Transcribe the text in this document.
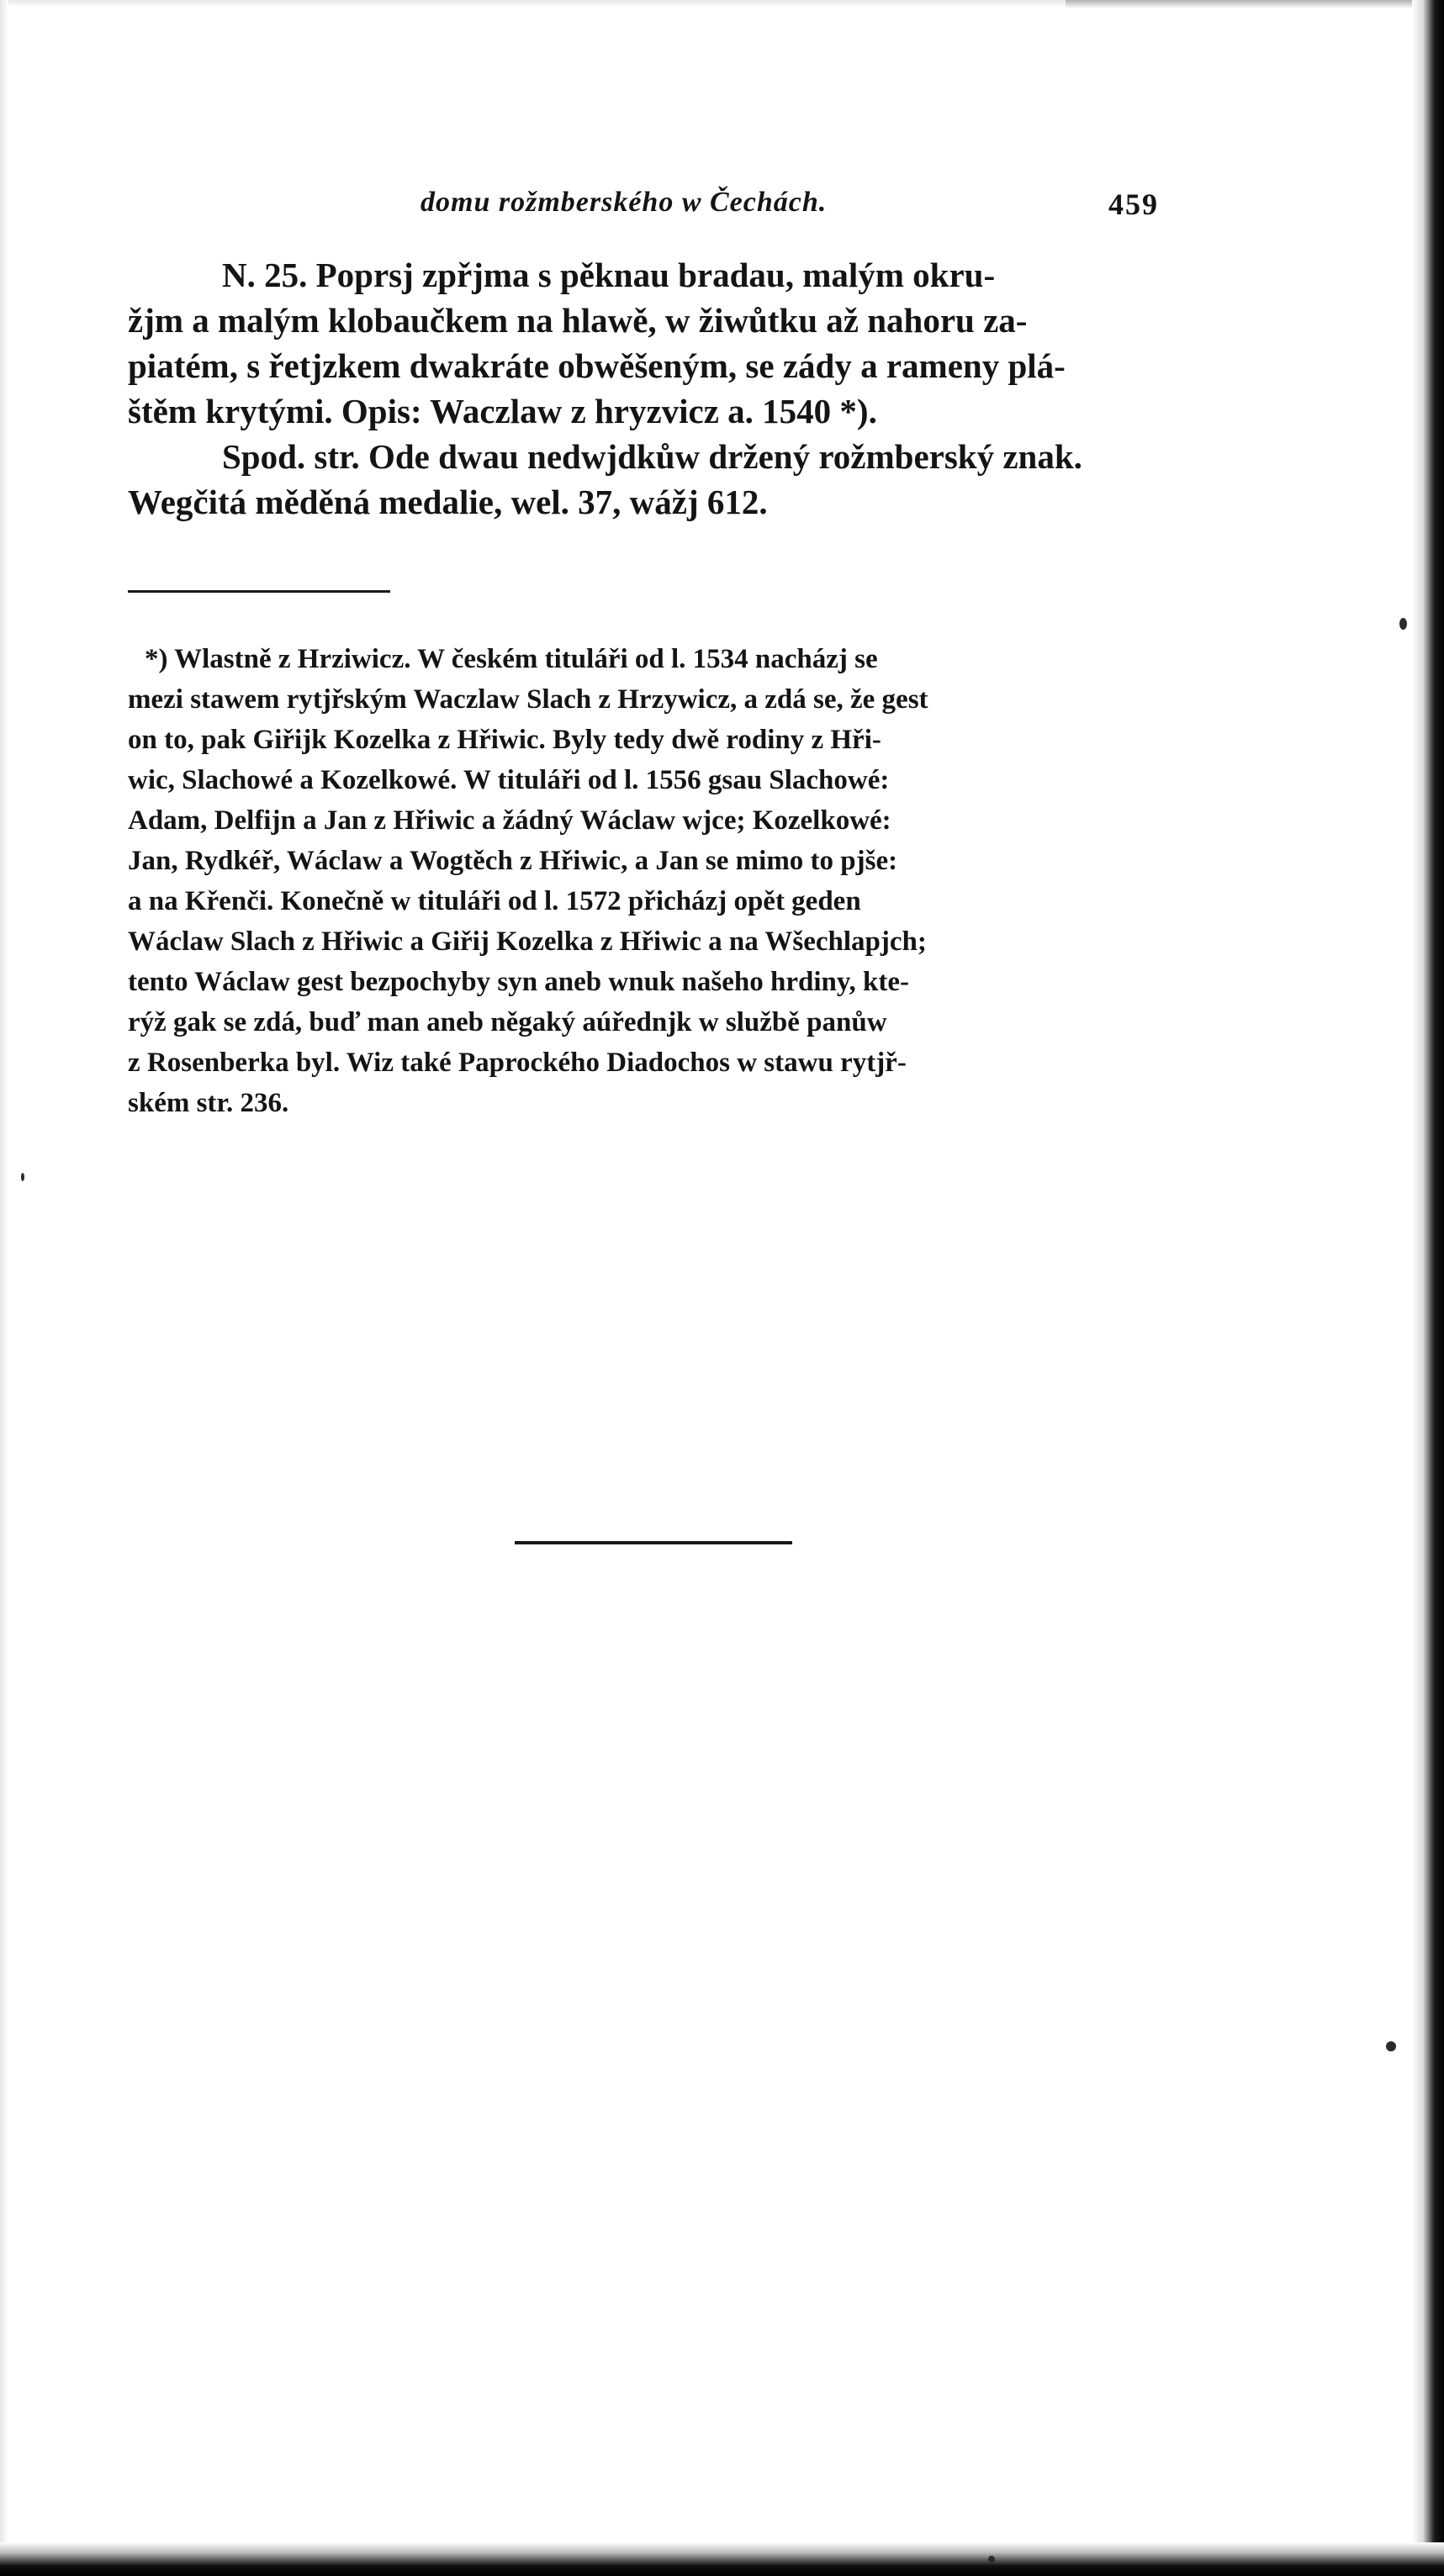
domu rožmberského w Čechách.	459
N. 25. Poprsj zpřjma s pěknau bradau, malým okru-
žjm a malým klobaučkem na hlawě, w žiwůtku až nahoru za-
piatém, s řetjzkem dwakráte obwěšeným, se zády a rameny plá-
štěm krytými. Opis: Waczlaw z hryzvicz a. 1540 *).
Spod. str. Ode dwau nedwjdkůw držený rožmberský znak.
Wegčitá měděná medalie, wel. 37, wážj 612.
*) Wlastně z Hrziwicz. W českém tituláři od l. 1534 nacházj se
mezi stawem rytjřským Waczlaw Slach z Hrzywicz, a zdá se, že gest
on to, pak Giřijk Kozelka z Hřiwic. Byly tedy dwě rodiny z Hři-
wic, Slachowé a Kozelkowé. W tituláři od l. 1556 gsau Slachowé:
Adam, Delfijn a Jan z Hřiwic a žádný Wáclaw wjce; Kozelkowé:
Jan, Rydkéř, Wáclaw a Wogtěch z Hřiwic, a Jan se mimo to pjše:
a na Křenči. Konečně w tituláři od l. 1572 přicházj opět geden
Wáclaw Slach z Hřiwic a Giřij Kozelka z Hřiwic a na Wšechlapjch;
tento Wáclaw gest bezpochyby syn aneb wnuk našeho hrdiny, kte-
rýž gak se zdá, buď man aneb něgaký aúřednjk w službě panůw
z Rosenberka byl. Wiz také Paprockého Diadochos w stawu rytjř-
ském str. 236.
